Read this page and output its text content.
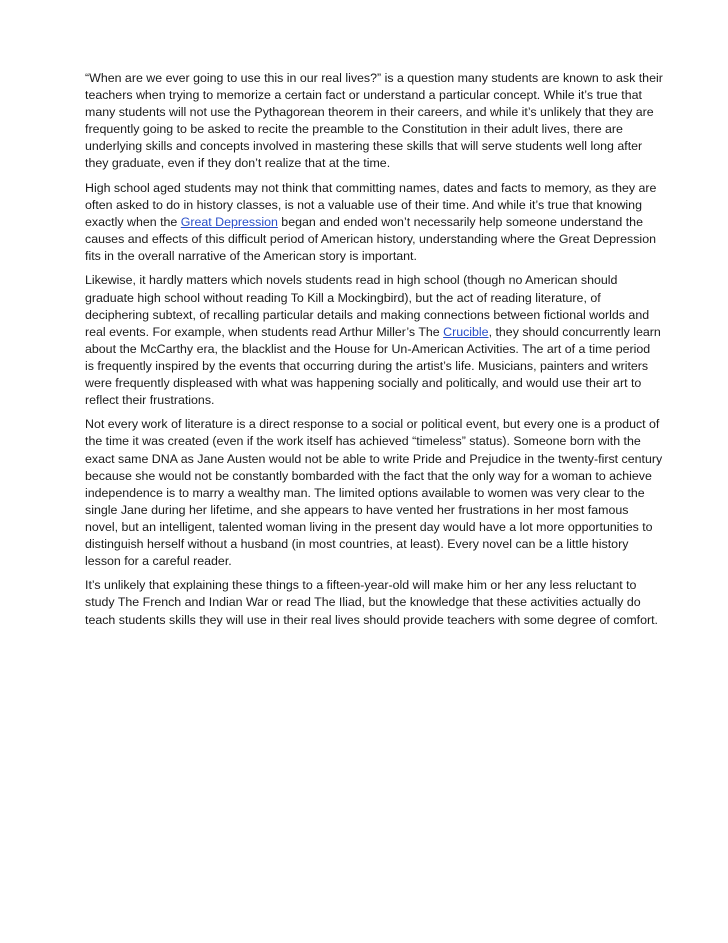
“When are we ever going to use this in our real lives?” is a question many students are known to ask their
teachers when trying to memorize a certain fact or understand a particular concept. While it’s true that
many students will not use the Pythagorean theorem in their careers, and while it’s unlikely that they are
frequently going to be asked to recite the preamble to the Constitution in their adult lives, there are
underlying skills and concepts involved in mastering these skills that will serve students well long after
they graduate, even if they don’t realize that at the time.

High school aged students may not think that committing names, dates and facts to memory, as they are
often asked to do in history classes, is not a valuable use of their time. And while it’s true that knowing
exactly when the Great Depression began and ended won’t necessarily help someone understand the
causes and effects of this difficult period of American history, understanding where the Great Depression
fits in the overall narrative of the American story is important.

Likewise, it hardly matters which novels students read in high school (though no American should
graduate high school without reading To Kill a Mockingbird), but the act of reading literature, of
deciphering subtext, of recalling particular details and making connections between fictional worlds and
real events. For example, when students read Arthur Miller’s The Crucible, they should concurrently learn
about the McCarthy era, the blacklist and the House for Un-American Activities. The art of a time period
is frequently inspired by the events that occurring during the artist’s life. Musicians, painters and writers
were frequently displeased with what was happening socially and politically, and would use their art to
reflect their frustrations.

Not every work of literature is a direct response to a social or political event, but every one is a product of
the time it was created (even if the work itself has achieved “timeless” status). Someone born with the
exact same DNA as Jane Austen would not be able to write Pride and Prejudice in the twenty-first century
because she would not be constantly bombarded with the fact that the only way for a woman to achieve
independence is to marry a wealthy man. The limited options available to women was very clear to the
single Jane during her lifetime, and she appears to have vented her frustrations in her most famous
novel, but an intelligent, talented woman living in the present day would have a lot more opportunities to
distinguish herself without a husband (in most countries, at least). Every novel can be a little history
lesson for a careful reader.

It’s unlikely that explaining these things to a fifteen-year-old will make him or her any less reluctant to
study The French and Indian War or read The Iliad, but the knowledge that these activities actually do
teach students skills they will use in their real lives should provide teachers with some degree of comfort.
